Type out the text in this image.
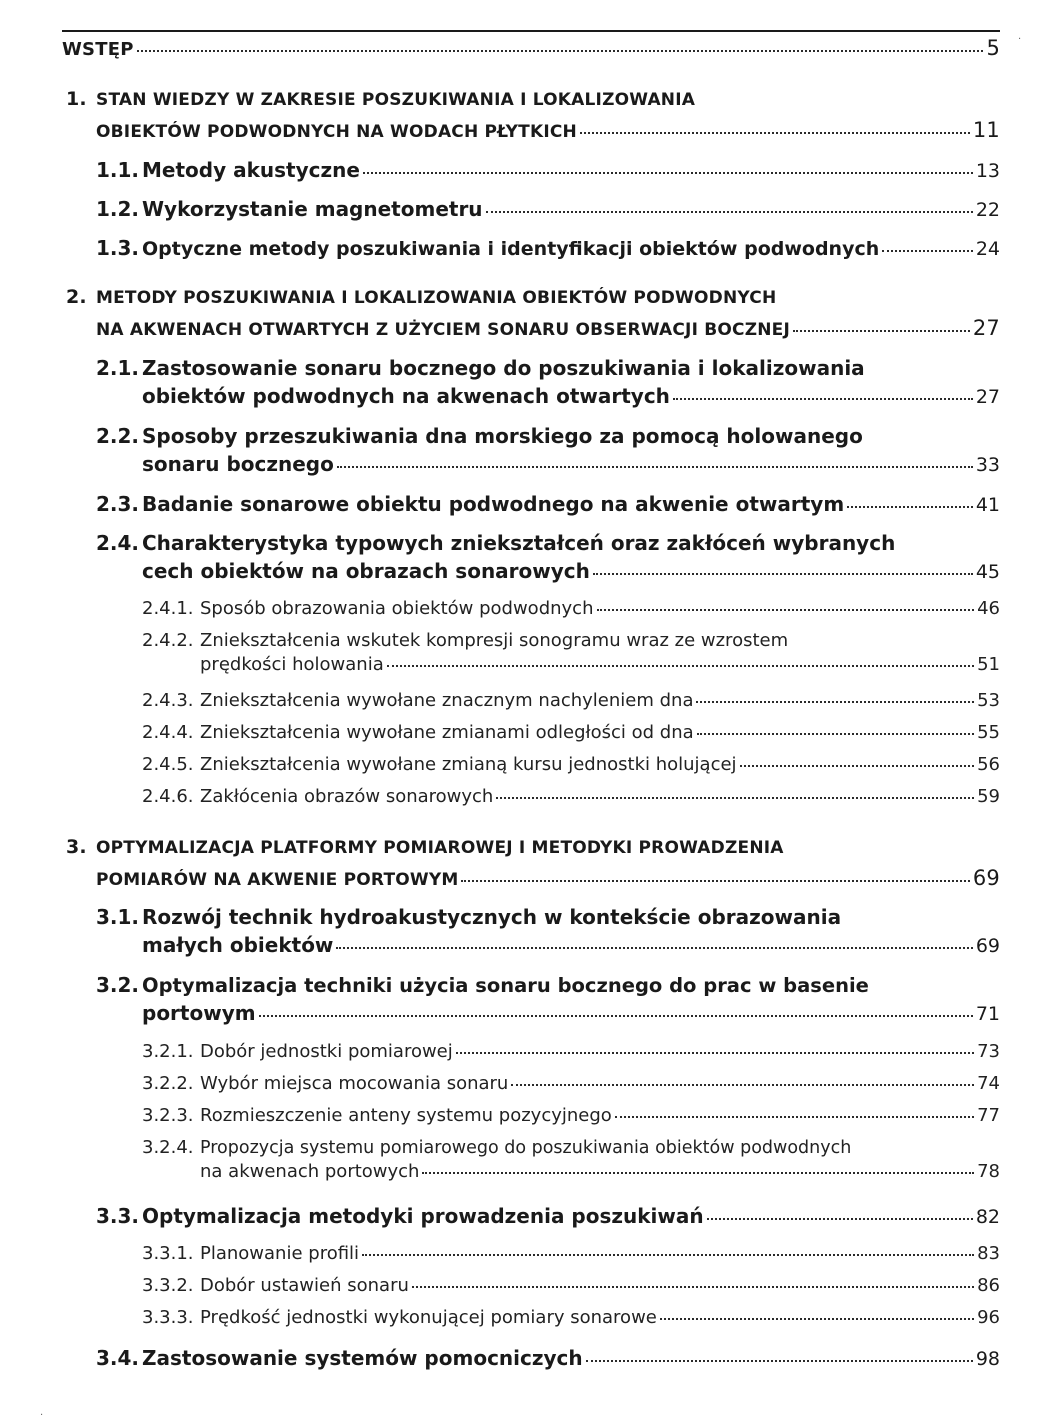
WSTĘP	5
1. STAN WIEDZY W ZAKRESIE POSZUKIWANIA I LOKALIZOWANIA
OBIEKTÓW PODWODNYCH NA WODACH PŁYTKICH	11
1.1. Metody akustyczne	13
1.2. Wykorzystanie magnetometru	22
1.3. Optyczne metody poszukiwania i identyfikacji obiektów podwodnych	24
2. METODY POSZUKIWANIA I LOKALIZOWANIA OBIEKTÓW PODWODNYCH
NA AKWENACH OTWARTYCH Z UŻYCIEM SONARU OBSERWACJI BOCZNEJ	27
2.1. Zastosowanie sonaru bocznego do poszukiwania i lokalizowania
obiektów podwodnych na akwenach otwartych	27
2.2. Sposoby przeszukiwania dna morskiego za pomocą holowanego
sonaru bocznego	33
2.3. Badanie sonarowe obiektu podwodnego na akwenie otwartym	41
2.4. Charakterystyka typowych zniekształceń oraz zakłóceń wybranych
cech obiektów na obrazach sonarowych	45
2.4.1. Sposób obrazowania obiektów podwodnych	46
2.4.2. Zniekształcenia wskutek kompresji sonogramu wraz ze wzrostem
prędkości holowania	51
2.4.3. Zniekształcenia wywołane znacznym nachyleniem dna	53
2.4.4. Zniekształcenia wywołane zmianami odległości od dna	55
2.4.5. Zniekształcenia wywołane zmianą kursu jednostki holującej	56
2.4.6. Zakłócenia obrazów sonarowych	59
3. OPTYMALIZACJA PLATFORMY POMIAROWEJ I METODYKI PROWADZENIA
POMIARÓW NA AKWENIE PORTOWYM	69
3.1. Rozwój technik hydroakustycznych w kontekście obrazowania
małych obiektów	69
3.2. Optymalizacja techniki użycia sonaru bocznego do prac w basenie
portowym	71
3.2.1. Dobór jednostki pomiarowej	73
3.2.2. Wybór miejsca mocowania sonaru	74
3.2.3. Rozmieszczenie anteny systemu pozycyjnego	77
3.2.4. Propozycja systemu pomiarowego do poszukiwania obiektów podwodnych
na akwenach portowych	78
3.3. Optymalizacja metodyki prowadzenia poszukiwań	82
3.3.1. Planowanie profili	83
3.3.2. Dobór ustawień sonaru	86
3.3.3. Prędkość jednostki wykonującej pomiary sonarowe	96
3.4. Zastosowanie systemów pomocniczych	98
·
·
